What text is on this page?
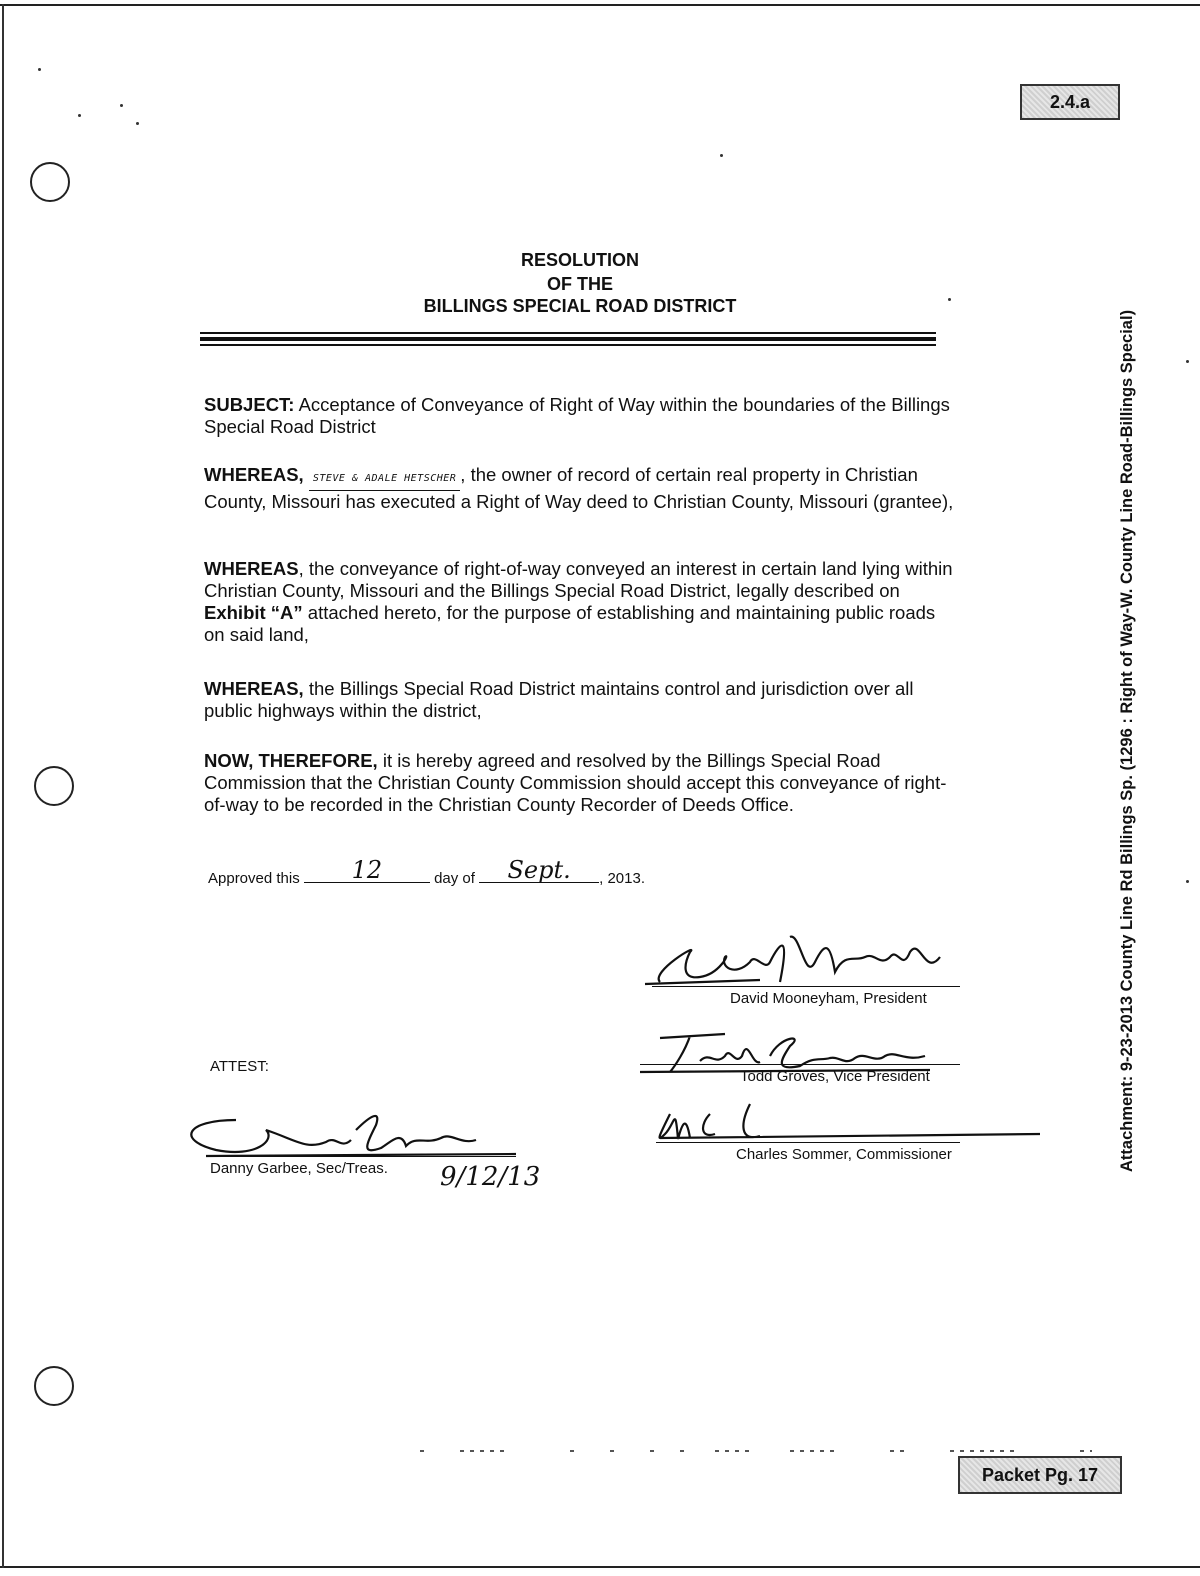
2.4.a
Packet Pg. 17
Attachment: 9-23-2013 County Line Rd Billings Sp. (1296 : Right of Way-W. County Line Road-Billings Special)
RESOLUTION
OF THE
BILLINGS SPECIAL ROAD DISTRICT
SUBJECT: Acceptance of Conveyance of Right of Way within the boundaries of the Billings Special Road District
WHEREAS, STEVE & ADALE HETSCHER , the owner of record of certain real property in Christian County, Missouri has executed a Right of Way deed to Christian County, Missouri (grantee),
WHEREAS, the conveyance of right-of-way conveyed an interest in certain land lying within Christian County, Missouri and the Billings Special Road District, legally described on Exhibit “A” attached hereto, for the purpose of establishing and maintaining public roads on said land,
WHEREAS, the Billings Special Road District maintains control and jurisdiction over all public highways within the district,
NOW, THEREFORE, it is hereby agreed and resolved by the Billings Special Road Commission that the Christian County Commission should accept this conveyance of right-of-way to be recorded in the Christian County Recorder of Deeds Office.
Approved this	12	day of	Sept.	, 2013.
David Mooneyham, President
Todd Groves, Vice President
Charles Sommer, Commissioner
ATTEST:
Danny Garbee, Sec/Treas. 9/12/13
